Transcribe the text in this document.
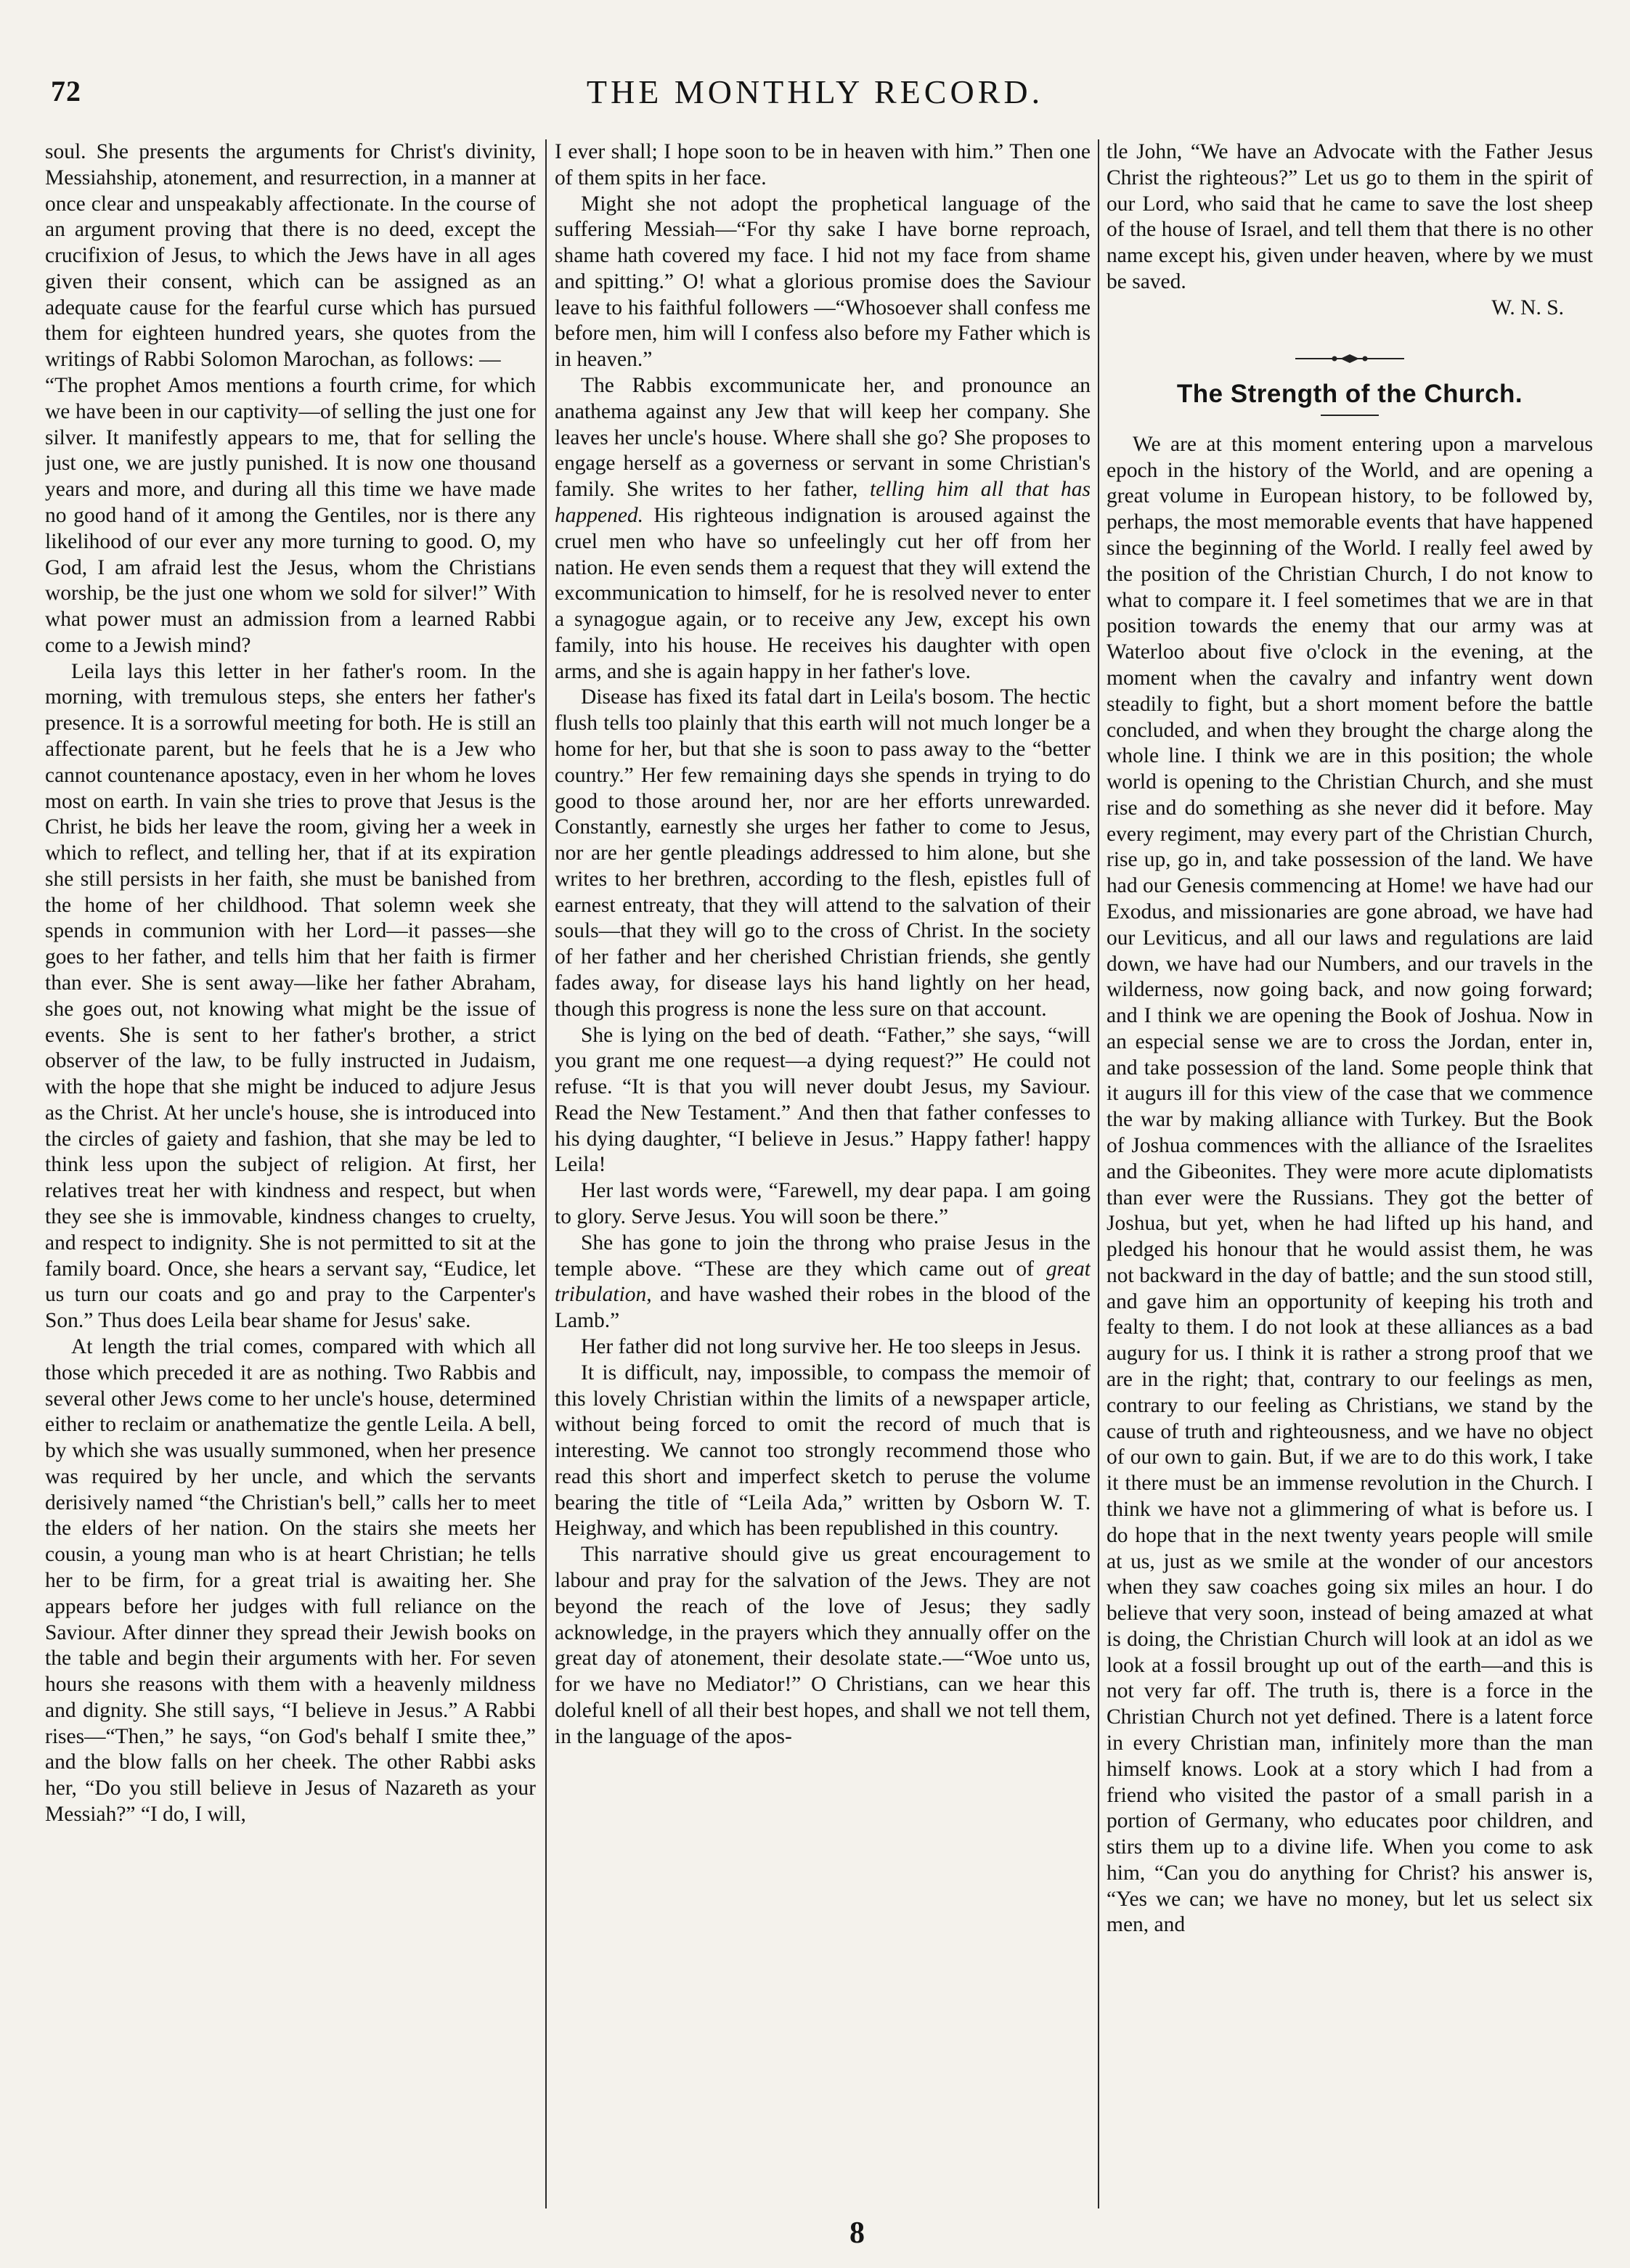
72	THE MONTHLY RECORD.

soul. She presents the arguments for Christ's divinity, Messiahship, atonement, and resurrection, in a manner at once clear and unspeakably affectionate. In the course of an argument proving that there is no deed, except the crucifixion of Jesus, to which the Jews have in all ages given their consent, which can be assigned as an adequate cause for the fearful curse which has pursued them for eighteen hundred years, she quotes from the writings of Rabbi Solomon Marochan, as follows: —

“The prophet Amos mentions a fourth crime, for which we have been in our captivity—of selling the just one for silver. It manifestly appears to me, that for selling the just one, we are justly punished. It is now one thousand years and more, and during all this time we have made no good hand of it among the Gentiles, nor is there any likelihood of our ever any more turning to good. O, my God, I am afraid lest the Jesus, whom the Christians worship, be the just one whom we sold for silver!” With what power must an admission from a learned Rabbi come to a Jewish mind?

Leila lays this letter in her father's room. In the morning, with tremulous steps, she enters her father's presence. It is a sorrowful meeting for both. He is still an affectionate parent, but he feels that he is a Jew who cannot countenance apostacy, even in her whom he loves most on earth. In vain she tries to prove that Jesus is the Christ, he bids her leave the room, giving her a week in which to reflect, and telling her, that if at its expiration she still persists in her faith, she must be banished from the home of her childhood. That solemn week she spends in communion with her Lord—it passes—she goes to her father, and tells him that her faith is firmer than ever. She is sent away—like her father Abraham, she goes out, not knowing what might be the issue of events. She is sent to her father's brother, a strict observer of the law, to be fully instructed in Judaism, with the hope that she might be induced to adjure Jesus as the Christ. At her uncle's house, she is introduced into the circles of gaiety and fashion, that she may be led to think less upon the subject of religion. At first, her relatives treat her with kindness and respect, but when they see she is immovable, kindness changes to cruelty, and respect to indignity. She is not permitted to sit at the family board. Once, she hears a servant say, “Eudice, let us turn our coats and go and pray to the Carpenter's Son.” Thus does Leila bear shame for Jesus' sake.

At length the trial comes, compared with which all those which preceded it are as nothing. Two Rabbis and several other Jews come to her uncle's house, determined either to reclaim or anathematize the gentle Leila. A bell, by which she was usually summoned, when her presence was required by her uncle, and which the servants derisively named “the Christian's bell,” calls her to meet the elders of her nation. On the stairs she meets her cousin, a young man who is at heart Christian; he tells her to be firm, for a great trial is awaiting her. She appears before her judges with full reliance on the Saviour. After dinner they spread their Jewish books on the table and begin their arguments with her. For seven hours she reasons with them with a heavenly mildness and dignity. She still says, “I believe in Jesus.” A Rabbi rises—“Then,” he says, “on God's behalf I smite thee,” and the blow falls on her cheek. The other Rabbi asks her, “Do you still believe in Jesus of Nazareth as your Messiah?” “I do, I will,

I ever shall; I hope soon to be in heaven with him.” Then one of them spits in her face.

Might she not adopt the prophetical language of the suffering Messiah—“For thy sake I have borne reproach, shame hath covered my face. I hid not my face from shame and spitting.” O! what a glorious promise does the Saviour leave to his faithful followers —“Whosoever shall confess me before men, him will I confess also before my Father which is in heaven.”

The Rabbis excommunicate her, and pronounce an anathema against any Jew that will keep her company. She leaves her uncle's house. Where shall she go? She proposes to engage herself as a governess or servant in some Christian's family. She writes to her father, telling him all that has happened. His righteous indignation is aroused against the cruel men who have so unfeelingly cut her off from her nation. He even sends them a request that they will extend the excommunication to himself, for he is resolved never to enter a synagogue again, or to receive any Jew, except his own family, into his house. He receives his daughter with open arms, and she is again happy in her father's love.

Disease has fixed its fatal dart in Leila's bosom. The hectic flush tells too plainly that this earth will not much longer be a home for her, but that she is soon to pass away to the “better country.” Her few remaining days she spends in trying to do good to those around her, nor are her efforts unrewarded. Constantly, earnestly she urges her father to come to Jesus, nor are her gentle pleadings addressed to him alone, but she writes to her brethren, according to the flesh, epistles full of earnest entreaty, that they will attend to the salvation of their souls—that they will go to the cross of Christ. In the society of her father and her cherished Christian friends, she gently fades away, for disease lays his hand lightly on her head, though this progress is none the less sure on that account.

She is lying on the bed of death. “Father,” she says, “will you grant me one request—a dying request?” He could not refuse. “It is that you will never doubt Jesus, my Saviour. Read the New Testament.” And then that father confesses to his dying daughter, “I believe in Jesus.” Happy father! happy Leila!

Her last words were, “Farewell, my dear papa. I am going to glory. Serve Jesus. You will soon be there.”

She has gone to join the throng who praise Jesus in the temple above. “These are they which came out of great tribulation, and have washed their robes in the blood of the Lamb.”

Her father did not long survive her. He too sleeps in Jesus.

It is difficult, nay, impossible, to compass the memoir of this lovely Christian within the limits of a newspaper article, without being forced to omit the record of much that is interesting. We cannot too strongly recommend those who read this short and imperfect sketch to peruse the volume bearing the title of “Leila Ada,” written by Osborn W. T. Heighway, and which has been republished in this country.

This narrative should give us great encouragement to labour and pray for the salvation of the Jews. They are not beyond the reach of the love of Jesus; they sadly acknowledge, in the prayers which they annually offer on the great day of atonement, their desolate state.—“Woe unto us, for we have no Mediator!” O Christians, can we hear this doleful knell of all their best hopes, and shall we not tell them, in the language of the apos-

tle John, “We have an Advocate with the Father Jesus Christ the righteous?” Let us go to them in the spirit of our Lord, who said that he came to save the lost sheep of the house of Israel, and tell them that there is no other name except his, given under heaven, where by we must be saved.

W. N. S.
The Strength of the Church.

We are at this moment entering upon a marvelous epoch in the history of the World, and are opening a great volume in European history, to be followed by, perhaps, the most memorable events that have happened since the beginning of the World. I really feel awed by the position of the Christian Church, I do not know to what to compare it. I feel sometimes that we are in that position towards the enemy that our army was at Waterloo about five o'clock in the evening, at the moment when the cavalry and infantry went down steadily to fight, but a short moment before the battle concluded, and when they brought the charge along the whole line. I think we are in this position; the whole world is opening to the Christian Church, and she must rise and do something as she never did it before. May every regiment, may every part of the Christian Church, rise up, go in, and take possession of the land. We have had our Genesis commencing at Home! we have had our Exodus, and missionaries are gone abroad, we have had our Leviticus, and all our laws and regulations are laid down, we have had our Numbers, and our travels in the wilderness, now going back, and now going forward; and I think we are opening the Book of Joshua. Now in an especial sense we are to cross the Jordan, enter in, and take possession of the land. Some people think that it augurs ill for this view of the case that we commence the war by making alliance with Turkey. But the Book of Joshua commences with the alliance of the Israelites and the Gibeonites. They were more acute diplomatists than ever were the Russians. They got the better of Joshua, but yet, when he had lifted up his hand, and pledged his honour that he would assist them, he was not backward in the day of battle; and the sun stood still, and gave him an opportunity of keeping his troth and fealty to them. I do not look at these alliances as a bad augury for us. I think it is rather a strong proof that we are in the right; that, contrary to our feelings as men, contrary to our feeling as Christians, we stand by the cause of truth and righteousness, and we have no object of our own to gain. But, if we are to do this work, I take it there must be an immense revolution in the Church. I think we have not a glimmering of what is before us. I do hope that in the next twenty years people will smile at us, just as we smile at the wonder of our ancestors when they saw coaches going six miles an hour. I do believe that very soon, instead of being amazed at what is doing, the Christian Church will look at an idol as we look at a fossil brought up out of the earth—and this is not very far off. The truth is, there is a force in the Christian Church not yet defined. There is a latent force in every Christian man, infinitely more than the man himself knows. Look at a story which I had from a friend who visited the pastor of a small parish in a portion of Germany, who educates poor children, and stirs them up to a divine life. When you come to ask him, “Can you do anything for Christ? his answer is, “Yes we can; we have no money, but let us select six men, and

8
